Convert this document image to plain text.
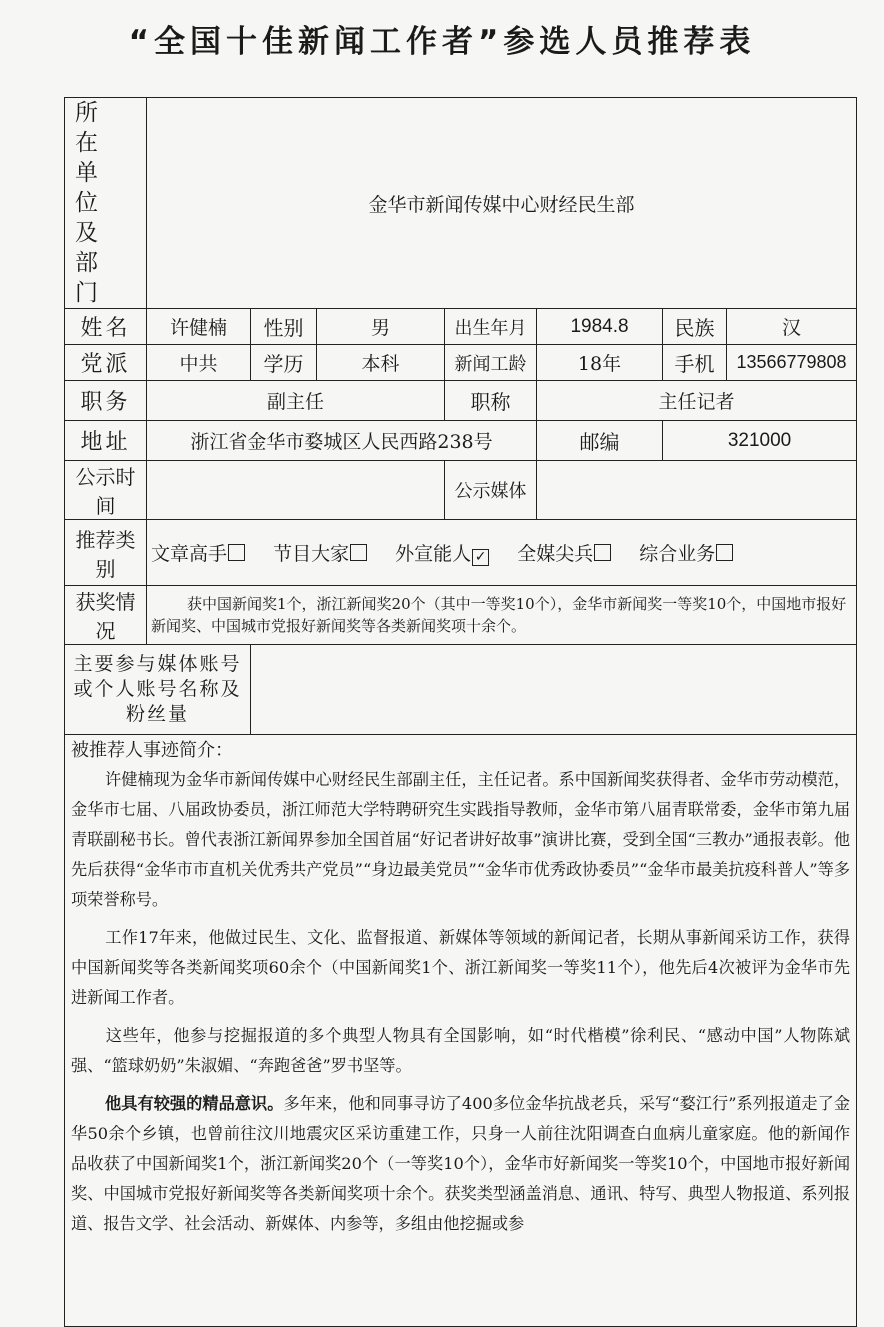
“全国十佳新闻工作者”参选人员推荐表
所在单位及部门	金华市新闻传媒中心财经民生部						
姓名	许健楠	性别	男	出生年月	1984.8	民族	汉
党派	中共	学历	本科	新闻工龄	18年	手机	13566779808
职务	副主任			职称	主任记者		
地址	浙江省金华市婺城区人民西路238号				邮编	321000	
公示时间				公示媒体			
推荐类别	文章高手 节目大家 外宣能人 ✓ 全媒尖兵 综合业务						
获奖情况	获中国新闻奖1个，浙江新闻奖20个（其中一等奖10个），金华市新闻奖一等奖10个，中国地市报好新闻奖、中国城市党报好新闻奖等各类新闻奖项十余个。						
主要参与媒体账号或个人账号名称及粉丝量							

被推荐人事迹简介：

许健楠现为金华市新闻传媒中心财经民生部副主任，主任记者。系中国新闻奖获得者、金华市劳动模范，金华市七届、八届政协委员，浙江师范大学特聘研究生实践指导教师，金华市第八届青联常委，金华市第九届青联副秘书长。曾代表浙江新闻界参加全国首届“好记者讲好故事”演讲比赛，受到全国“三教办”通报表彰。他先后获得“金华市市直机关优秀共产党员”“身边最美党员”“金华市优秀政协委员”“金华市最美抗疫科普人”等多项荣誉称号。

工作17年来，他做过民生、文化、监督报道、新媒体等领域的新闻记者，长期从事新闻采访工作，获得中国新闻奖等各类新闻奖项60余个（中国新闻奖1个、浙江新闻奖一等奖11个），他先后4次被评为金华市先进新闻工作者。

这些年，他参与挖掘报道的多个典型人物具有全国影响，如“时代楷模”徐利民、“感动中国”人物陈斌强、“篮球奶奶”朱淑媚、“奔跑爸爸”罗书坚等。

他具有较强的精品意识。多年来，他和同事寻访了400多位金华抗战老兵，采写“婺江行”系列报道走了金华50余个乡镇，也曾前往汶川地震灾区采访重建工作，只身一人前往沈阳调查白血病儿童家庭。他的新闻作品收获了中国新闻奖1个，浙江新闻奖20个（一等奖10个），金华市好新闻奖一等奖10个，中国地市报好新闻奖、中国城市党报好新闻奖等各类新闻奖项十余个。获奖类型涵盖消息、通讯、特写、典型人物报道、系列报道、报告文学、社会活动、新媒体、内参等，多组由他挖掘或参							
